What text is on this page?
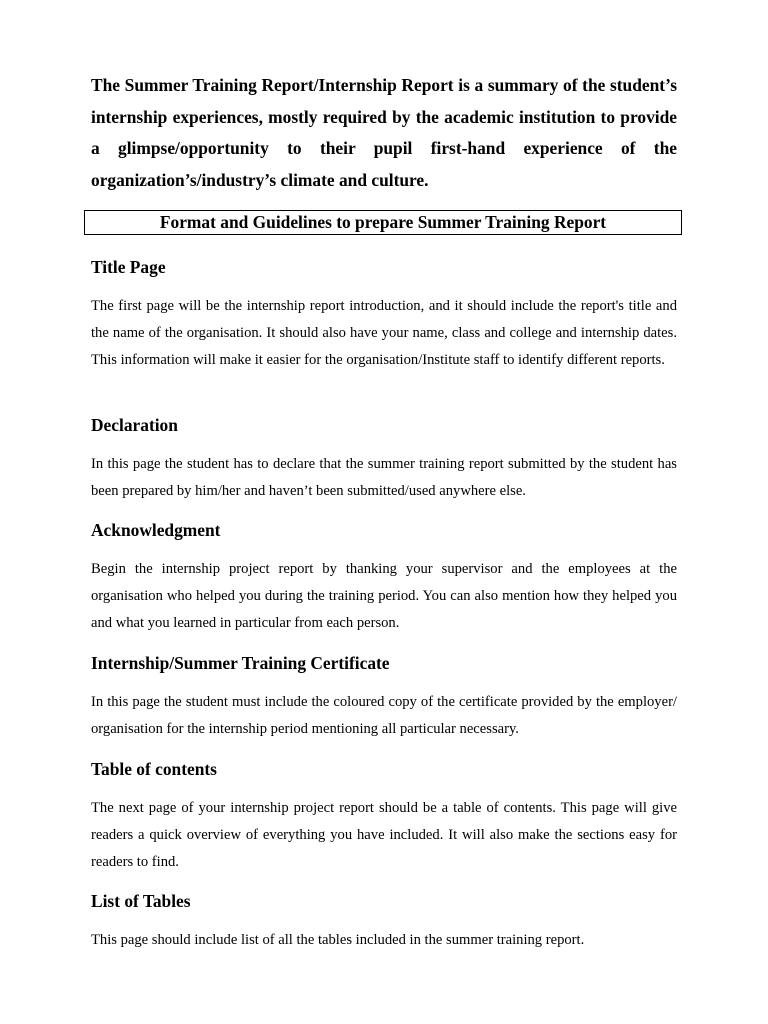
The Summer Training Report/Internship Report is a summary of the student’s internship experiences, mostly required by the academic institution to provide a glimpse/opportunity to their pupil first-hand experience of the organization’s/industry’s climate and culture.

Format and Guidelines to prepare Summer Training Report
Title Page

The first page will be the internship report introduction, and it should include the report's title and the name of the organisation. It should also have your name, class and college and internship dates. This information will make it easier for the organisation/Institute staff to identify different reports.

Declaration

In this page the student has to declare that the summer training report submitted by the student has been prepared by him/her and haven’t been submitted/used anywhere else.

Acknowledgment

Begin the internship project report by thanking your supervisor and the employees at the organisation who helped you during the training period. You can also mention how they helped you and what you learned in particular from each person.

Internship/Summer Training Certificate

In this page the student must include the coloured copy of the certificate provided by the employer/ organisation for the internship period mentioning all particular necessary.

Table of contents

The next page of your internship project report should be a table of contents. This page will give readers a quick overview of everything you have included. It will also make the sections easy for readers to find.

List of Tables

This page should include list of all the tables included in the summer training report.
